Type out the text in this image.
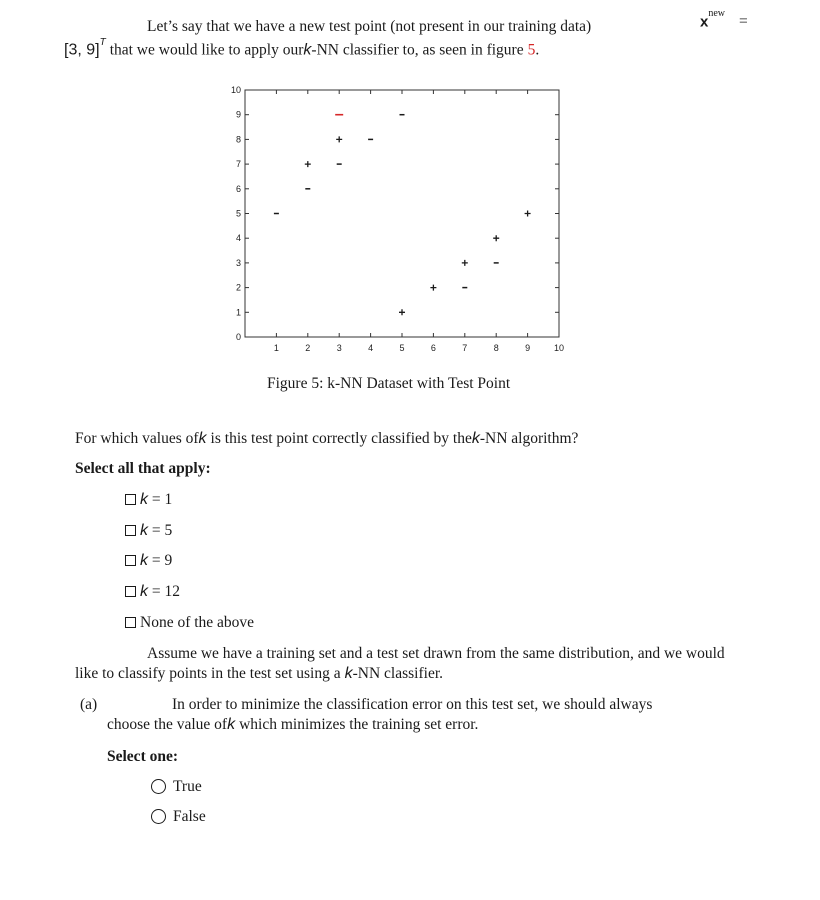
Let’s say that we have a new test point (not present in our training data)	$x^{new}$ =
[3, 9]$^T$ that we would like to apply ourk-NN classifier to, as seen in figure 5.
1	2	3	4	5	6	7	8	9	10
0
1
2
3
4
5
6
7
8
9
10
Figure 5: k-NN Dataset with Test Point
For which values ofk is this test point correctly classified by thek-NN algorithm?
Select all that apply:
k = 1
k = 5
k = 9
k = 12
None of the above
Assume we have a training set and a test set drawn from the same distribution, and we would
like to classify points in the test set using a k-NN classifier.
(a)	In order to minimize the classification error on this test set, we should always
choose the value ofk which minimizes the training set error.
Select one:
True
False
